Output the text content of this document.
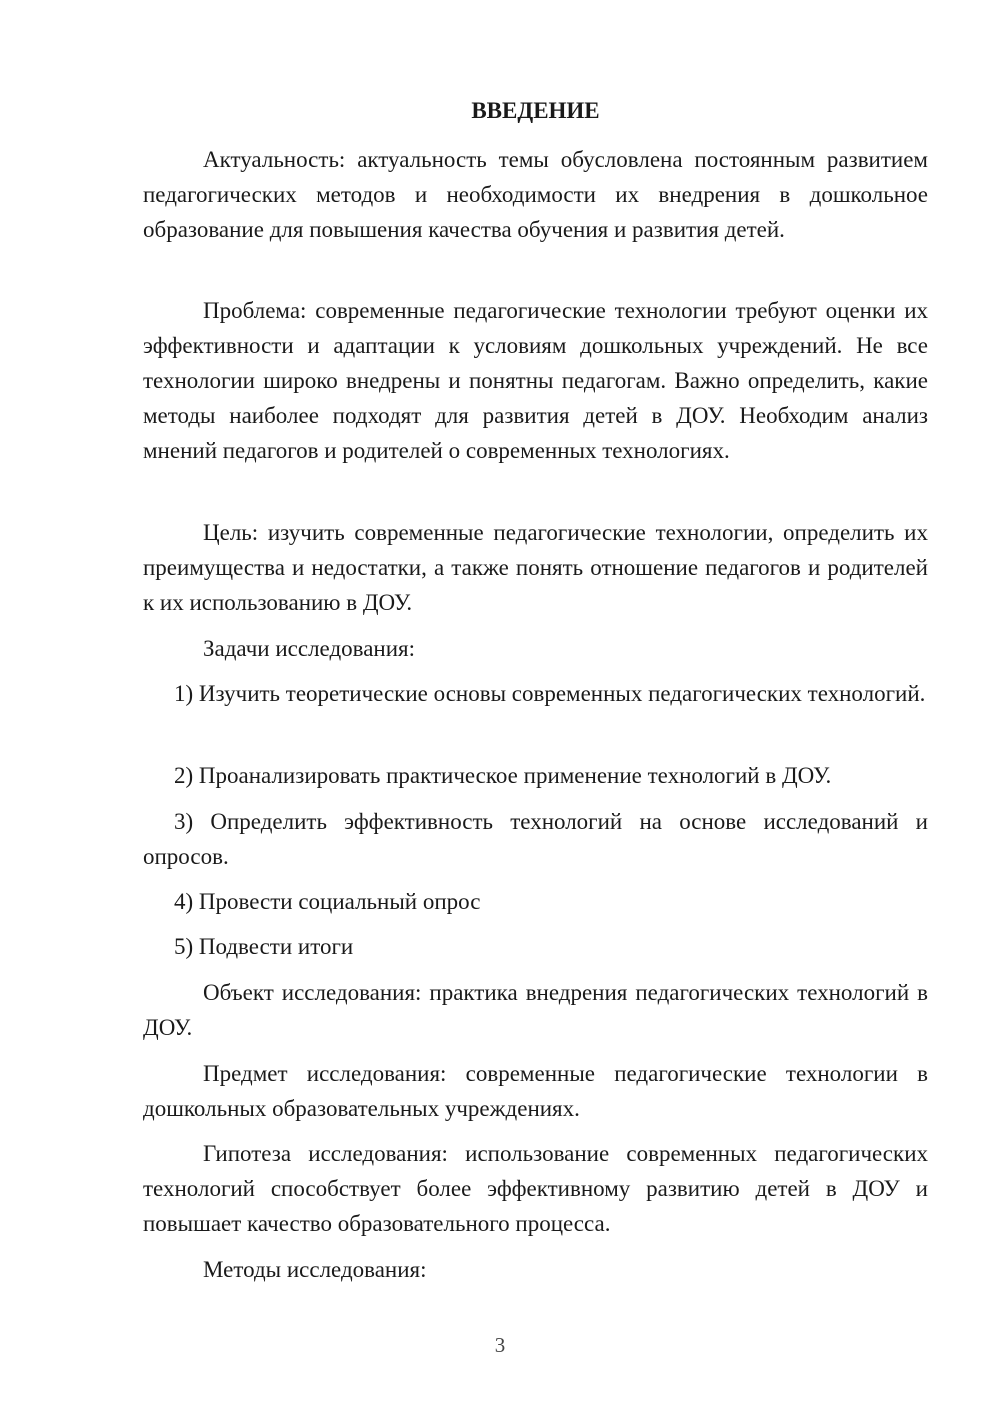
ВВЕДЕНИЕ

Актуальность: актуальность темы обусловлена постоянным развитием педагогических методов и необходимости их внедрения в дошкольное образование для повышения качества обучения и развития детей.

Проблема: современные педагогические технологии требуют оценки их эффективности и адаптации к условиям дошкольных учреждений. Не все технологии широко внедрены и понятны педагогам. Важно определить, какие методы наиболее подходят для развития детей в ДОУ. Необходим анализ мнений педагогов и родителей о современных технологиях.

Цель: изучить современные педагогические технологии, определить их преимущества и недостатки, а также понять отношение педагогов и родителей к их использованию в ДОУ.

Задачи исследования:

1) Изучить теоретические основы современных педагогических технологий.

2) Проанализировать практическое применение технологий в ДОУ.

3) Определить эффективность технологий на основе исследований и опросов.

4) Провести социальный опрос

5) Подвести итоги

Объект исследования: практика внедрения педагогических технологий в ДОУ.

Предмет исследования: современные педагогические технологии в дошкольных образовательных учреждениях.

Гипотеза исследования: использование современных педагогических технологий способствует более эффективному развитию детей в ДОУ и повышает качество образовательного процесса.

Методы исследования:

3
